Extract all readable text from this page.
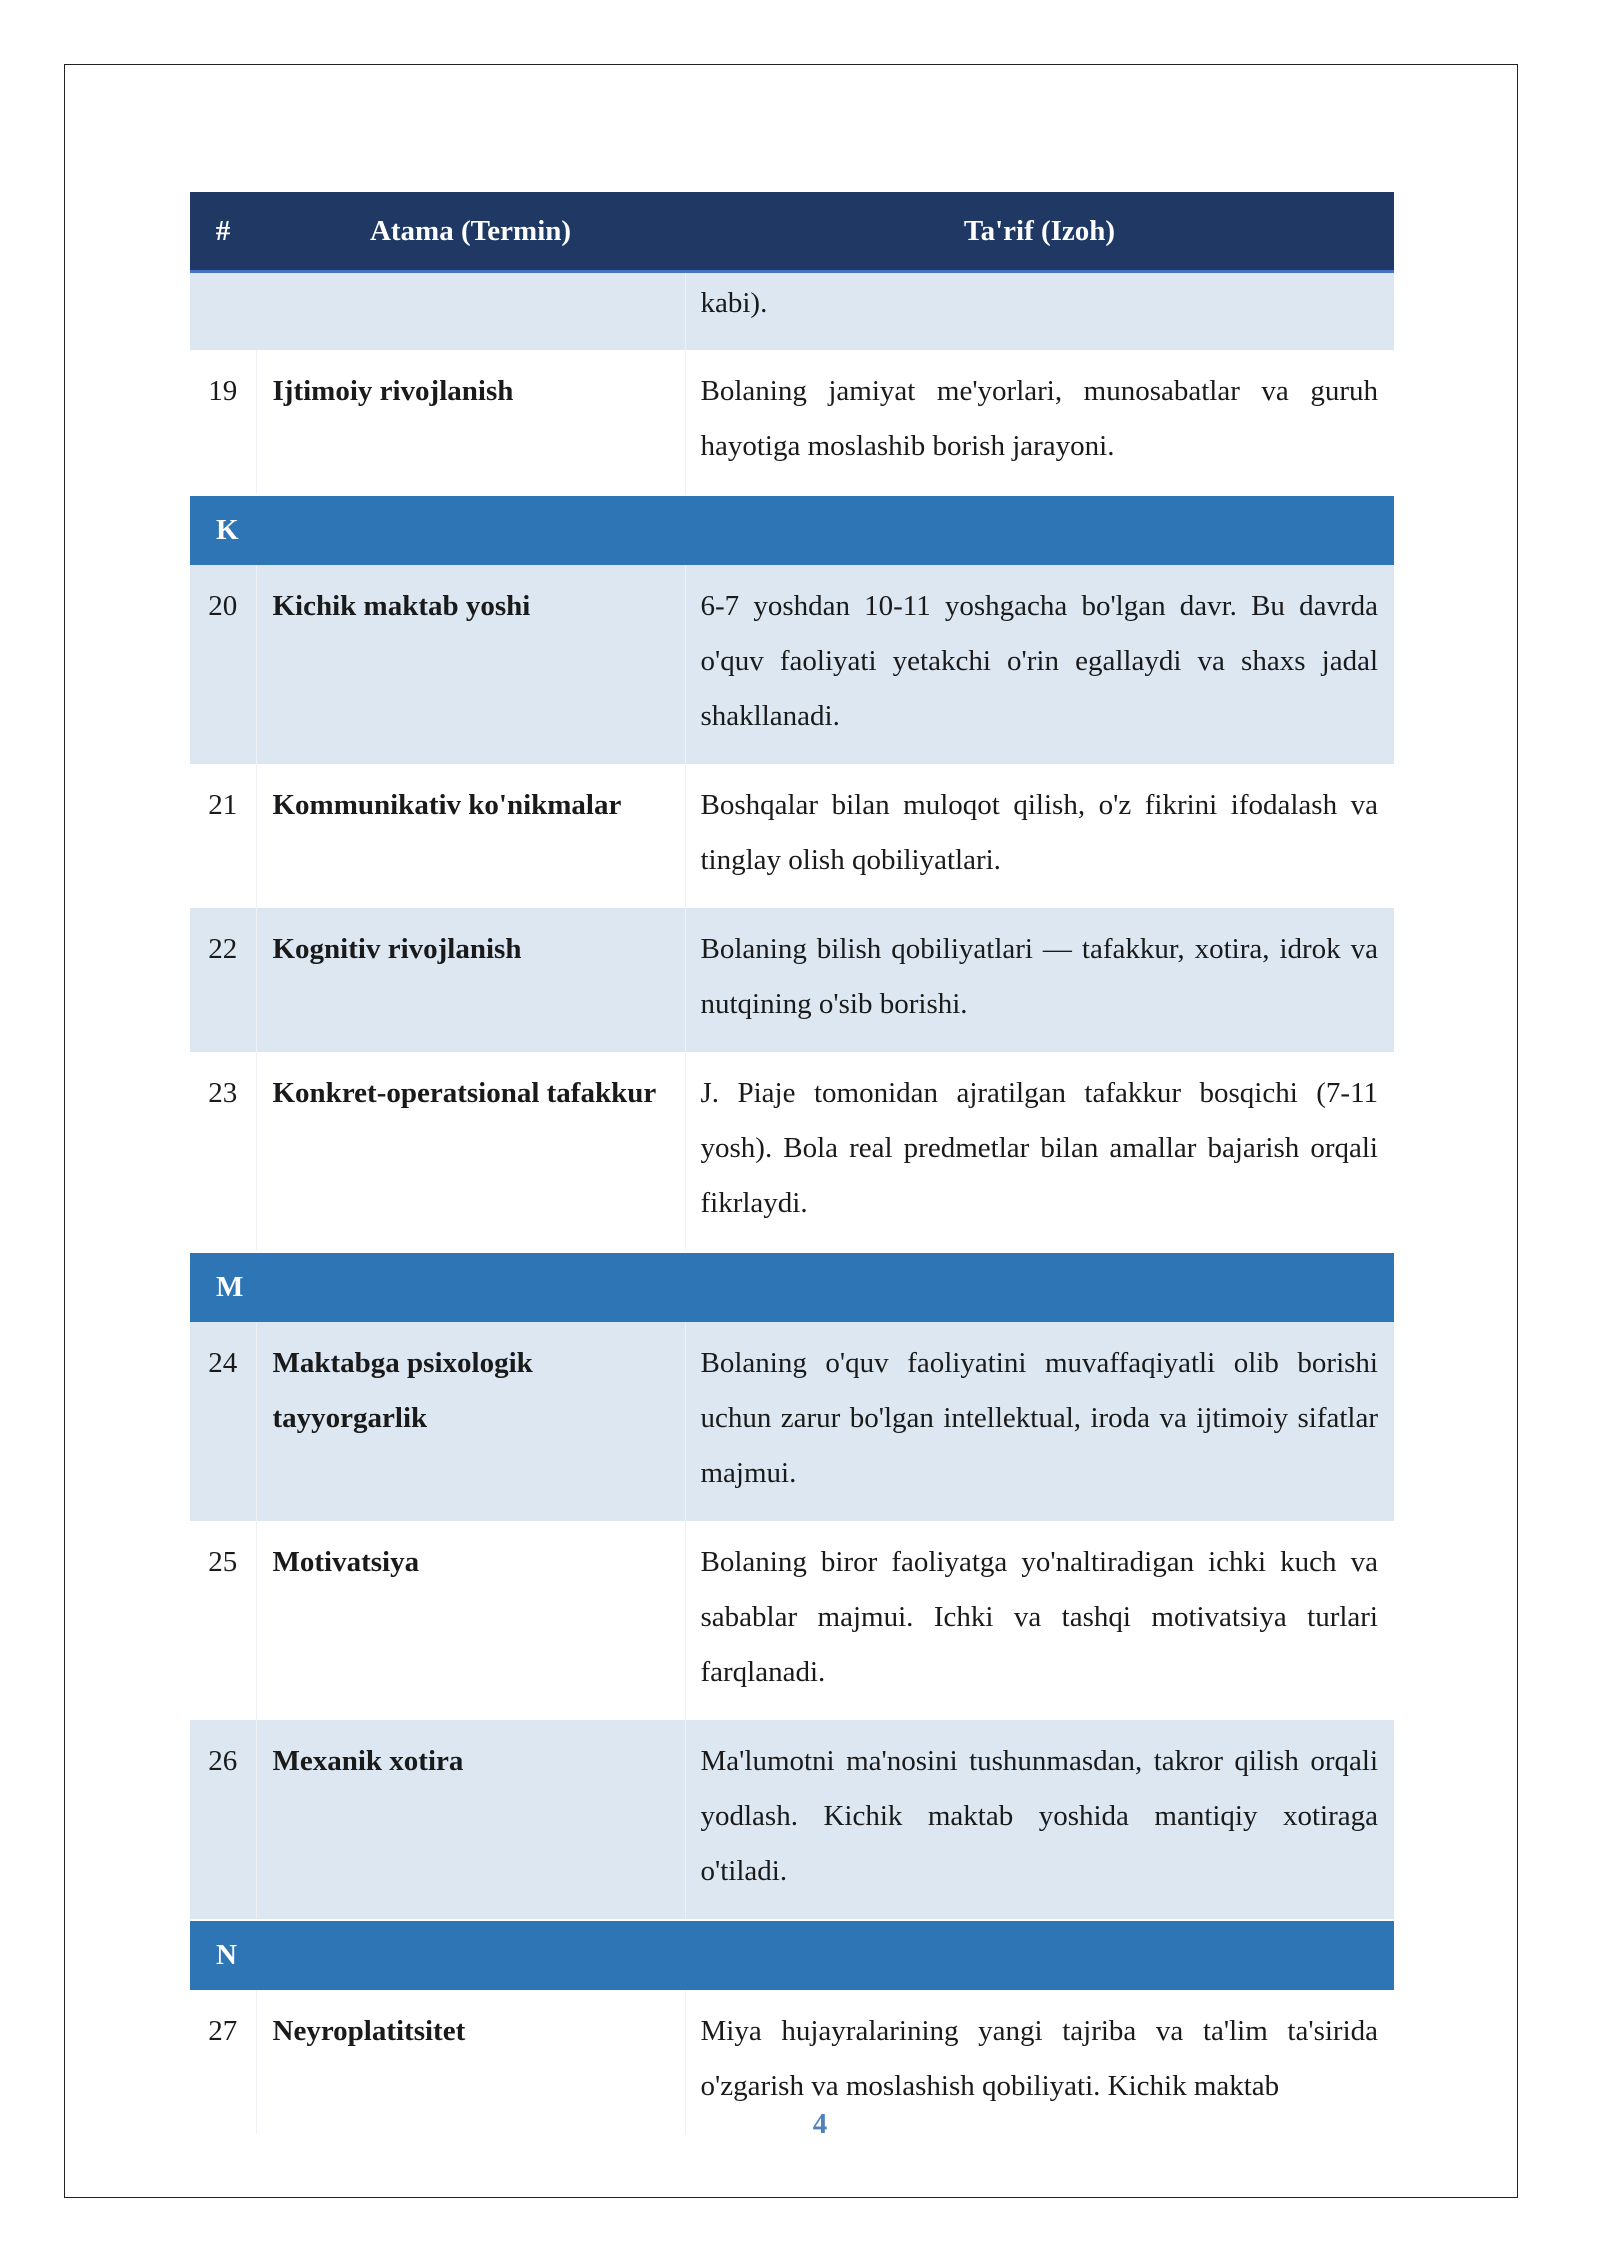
#	Atama (Termin)	Ta'rif (Izoh)
		kabi).
19	Ijtimoiy rivojlanish	Bolaning jamiyat me'yorlari, munosabatlar va guruh hayotiga moslashib borish jarayoni.
K		
20	Kichik maktab yoshi	6-7 yoshdan 10-11 yoshgacha bo'lgan davr. Bu davrda o'quv faoliyati yetakchi o'rin egallaydi va shaxs jadal shakllanadi.
21	Kommunikativ ko'nikmalar	Boshqalar bilan muloqot qilish, o'z fikrini ifodalash va tinglay olish qobiliyatlari.
22	Kognitiv rivojlanish	Bolaning bilish qobiliyatlari — tafakkur, xotira, idrok va nutqining o'sib borishi.
23	Konkret-operatsional tafakkur	J. Piaje tomonidan ajratilgan tafakkur bosqichi (7-11 yosh). Bola real predmetlar bilan amallar bajarish orqali fikrlaydi.
M		
24	Maktabga psixologik tayyorgarlik	Bolaning o'quv faoliyatini muvaffaqiyatli olib borishi uchun zarur bo'lgan intellektual, iroda va ijtimoiy sifatlar majmui.
25	Motivatsiya	Bolaning biror faoliyatga yo'naltiradigan ichki kuch va sabablar majmui. Ichki va tashqi motivatsiya turlari farqlanadi.
26	Mexanik xotira	Ma'lumotni ma'nosini tushunmasdan, takror qilish orqali yodlash. Kichik maktab yoshida mantiqiy xotiraga o'tiladi.
N		
27	Neyroplatitsitet	Miya hujayralarining yangi tajriba va ta'lim ta'sirida o'zgarish va moslashish qobiliyati. Kichik maktab
4
